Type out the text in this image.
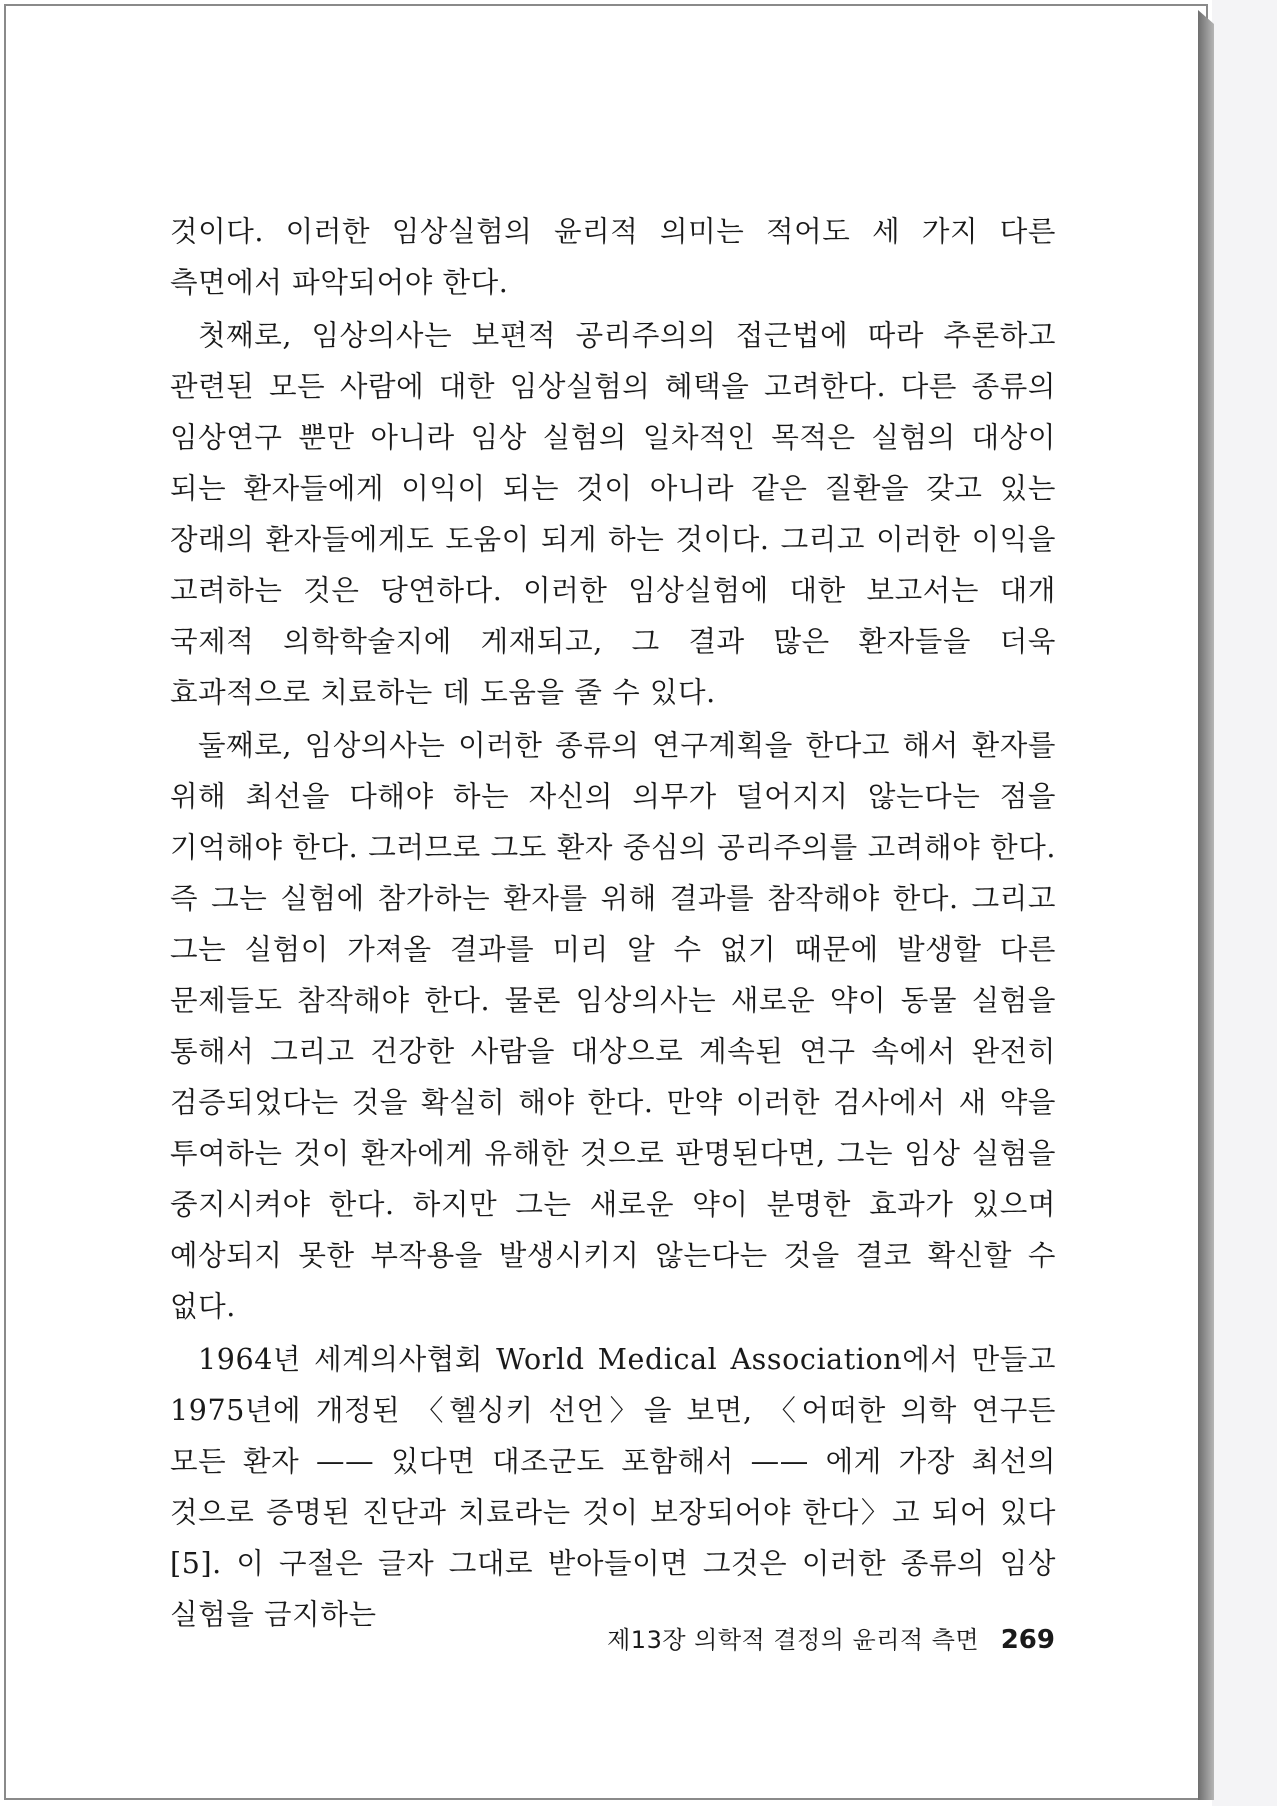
것이다. 이러한 임상실험의 윤리적 의미는 적어도 세 가지 다른 측면에서 파악되어야 한다.

첫째로, 임상의사는 보편적 공리주의의 접근법에 따라 추론하고 관련된 모든 사람에 대한 임상실험의 혜택을 고려한다. 다른 종류의 임상연구 뿐만 아니라 임상 실험의 일차적인 목적은 실험의 대상이 되는 환자들에게 이익이 되는 것이 아니라 같은 질환을 갖고 있는 장래의 환자들에게도 도움이 되게 하는 것이다. 그리고 이러한 이익을 고려하는 것은 당연하다. 이러한 임상실험에 대한 보고서는 대개 국제적 의학학술지에 게재되고, 그 결과 많은 환자들을 더욱 효과적으로 치료하는 데 도움을 줄 수 있다.

둘째로, 임상의사는 이러한 종류의 연구계획을 한다고 해서 환자를 위해 최선을 다해야 하는 자신의 의무가 덜어지지 않는다는 점을 기억해야 한다. 그러므로 그도 환자 중심의 공리주의를 고려해야 한다. 즉 그는 실험에 참가하는 환자를 위해 결과를 참작해야 한다. 그리고 그는 실험이 가져올 결과를 미리 알 수 없기 때문에 발생할 다른 문제들도 참작해야 한다. 물론 임상의사는 새로운 약이 동물 실험을 통해서 그리고 건강한 사람을 대상으로 계속된 연구 속에서 완전히 검증되었다는 것을 확실히 해야 한다. 만약 이러한 검사에서 새 약을 투여하는 것이 환자에게 유해한 것으로 판명된다면, 그는 임상 실험을 중지시켜야 한다. 하지만 그는 새로운 약이 분명한 효과가 있으며 예상되지 못한 부작용을 발생시키지 않는다는 것을 결코 확신할 수 없다.

1964년 세계의사협회 World Medical Association에서 만들고 1975년에 개정된 〈헬싱키 선언〉을 보면, 〈어떠한 의학 연구든 모든 환자 —— 있다면 대조군도 포함해서 —— 에게 가장 최선의 것으로 증명된 진단과 치료라는 것이 보장되어야 한다〉고 되어 있다[5]. 이 구절은 글자 그대로 받아들이면 그것은 이러한 종류의 임상 실험을 금지하는

제13장 의학적 결정의 윤리적 측면 269
